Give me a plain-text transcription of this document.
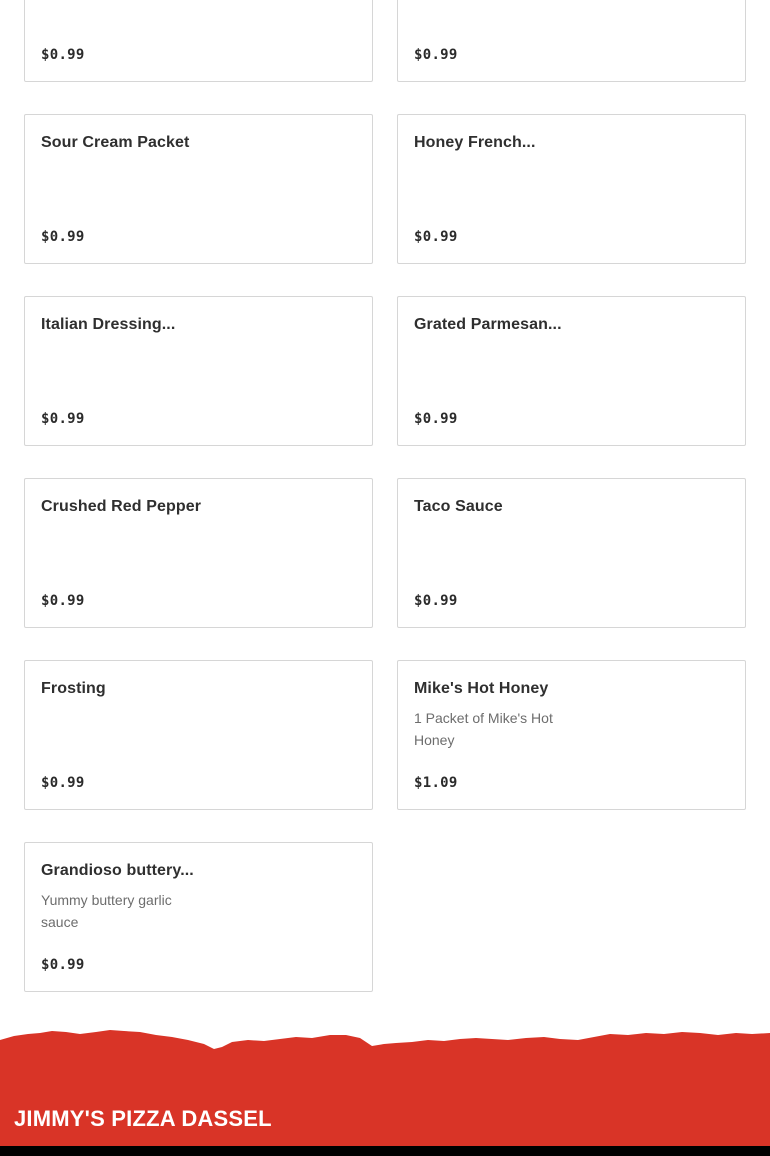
$0.99	$0.99
Sour Cream Packet
$0.99
Honey French...
$0.99
Italian Dressing...
$0.99
Grated Parmesan...
$0.99
Crushed Red Pepper
$0.99
Taco Sauce
$0.99
Frosting
$0.99
Mike's Hot Honey
1 Packet of Mike's Hot Honey
$1.09
Grandioso buttery...
Yummy buttery garlic sauce
$0.99
JIMMY'S PIZZA DASSEL
